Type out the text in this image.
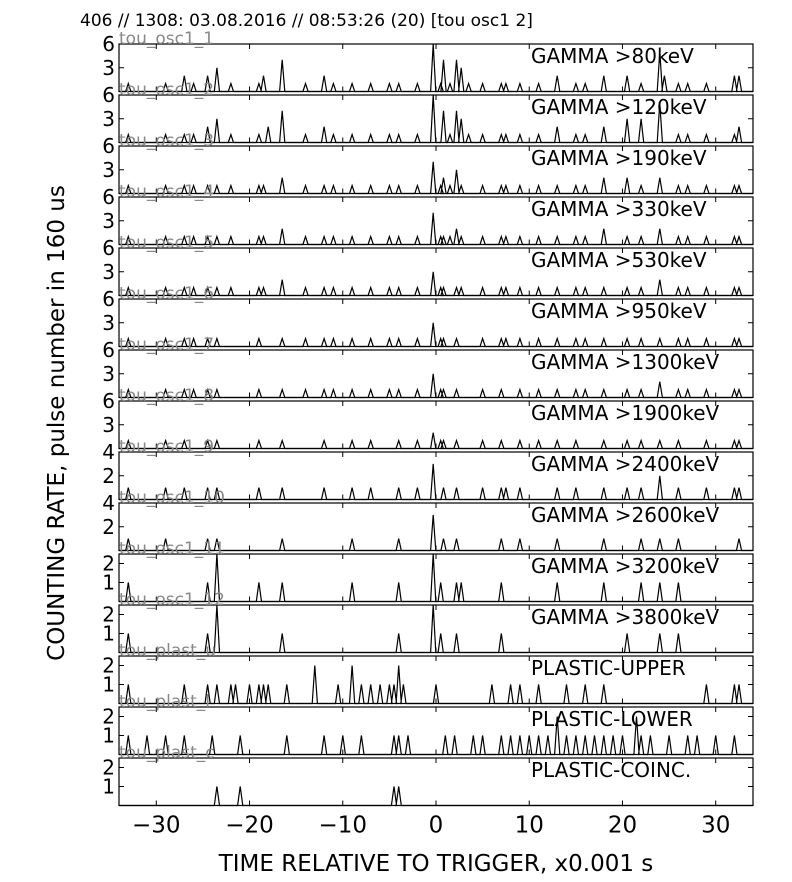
406 // 1308: 03.08.2016 // 08:53:26 (20) [tou osc1 2]
COUNTING RATE, pulse number in 160 us
TIME RELATIVE TO TRIGGER, x0.001 s
3
6	GAMMA >80keV
tou_osc1_1
3
6	GAMMA >120keV
tou_osc1_2
3
6	GAMMA >190keV
tou_osc1_3
3
6	GAMMA >330keV
tou_osc1_4
3
6	GAMMA >530keV
tou_osc1_5
3
6	GAMMA >950keV
tou_osc1_6
3
6	GAMMA >1300keV
tou_osc1_7
3
6	GAMMA >1900keV
tou_osc1_8
2
4	GAMMA >2400keV
tou_osc1_9
2
4	GAMMA >2600keV
tou_osc1_10
1
2	GAMMA >3200keV
tou_osc1_11
1
2	GAMMA >3800keV
tou_osc1_12
1
2	PLASTIC-UPPER
tou_plast_u
1
2	PLASTIC-LOWER
tou_plast_l
1
2	PLASTIC-COINC.
tou_plast_c
−30 −20 −10	0	10	20	30
